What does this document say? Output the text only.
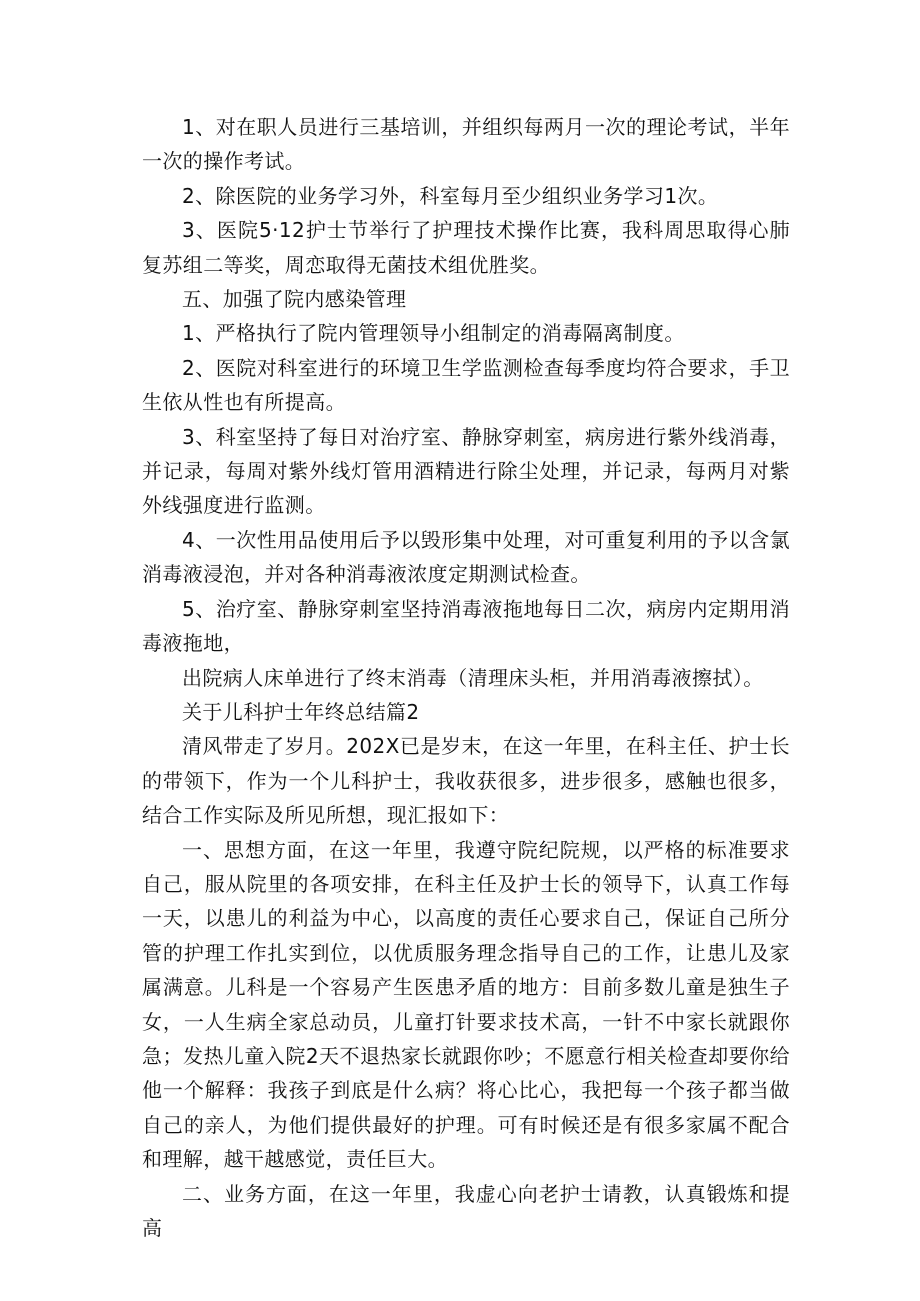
1、对在职人员进行三基培训，并组织每两月一次的理论考试，半年一次的操作考试。

2、除医院的业务学习外，科室每月至少组织业务学习1次。

3、医院5·12护士节举行了护理技术操作比赛，我科周思取得心肺复苏组二等奖，周恋取得无菌技术组优胜奖。

五、加强了院内感染管理

1、严格执行了院内管理领导小组制定的消毒隔离制度。

2、医院对科室进行的环境卫生学监测检查每季度均符合要求，手卫生依从性也有所提高。

3、科室坚持了每日对治疗室、静脉穿刺室，病房进行紫外线消毒，并记录，每周对紫外线灯管用酒精进行除尘处理，并记录，每两月对紫外线强度进行监测。

4、一次性用品使用后予以毁形集中处理，对可重复利用的予以含氯消毒液浸泡，并对各种消毒液浓度定期测试检查。

5、治疗室、静脉穿刺室坚持消毒液拖地每日二次，病房内定期用消毒液拖地，

出院病人床单进行了终末消毒（清理床头柜，并用消毒液擦拭）。

关于儿科护士年终总结篇2

清风带走了岁月。202X已是岁末，在这一年里，在科主任、护士长的带领下，作为一个儿科护士，我收获很多，进步很多，感触也很多，结合工作实际及所见所想，现汇报如下：

一、思想方面，在这一年里，我遵守院纪院规，以严格的标准要求自己，服从院里的各项安排，在科主任及护士长的领导下，认真工作每一天，以患儿的利益为中心，以高度的责任心要求自己，保证自己所分管的护理工作扎实到位，以优质服务理念指导自己的工作，让患儿及家属满意。儿科是一个容易产生医患矛盾的地方：目前多数儿童是独生子女，一人生病全家总动员，儿童打针要求技术高，一针不中家长就跟你急；发热儿童入院2天不退热家长就跟你吵；不愿意行相关检查却要你给他一个解释：我孩子到底是什么病？将心比心，我把每一个孩子都当做自己的亲人，为他们提供最好的护理。可有时候还是有很多家属不配合和理解，越干越感觉，责任巨大。

二、业务方面，在这一年里，我虚心向老护士请教，认真锻炼和提高
